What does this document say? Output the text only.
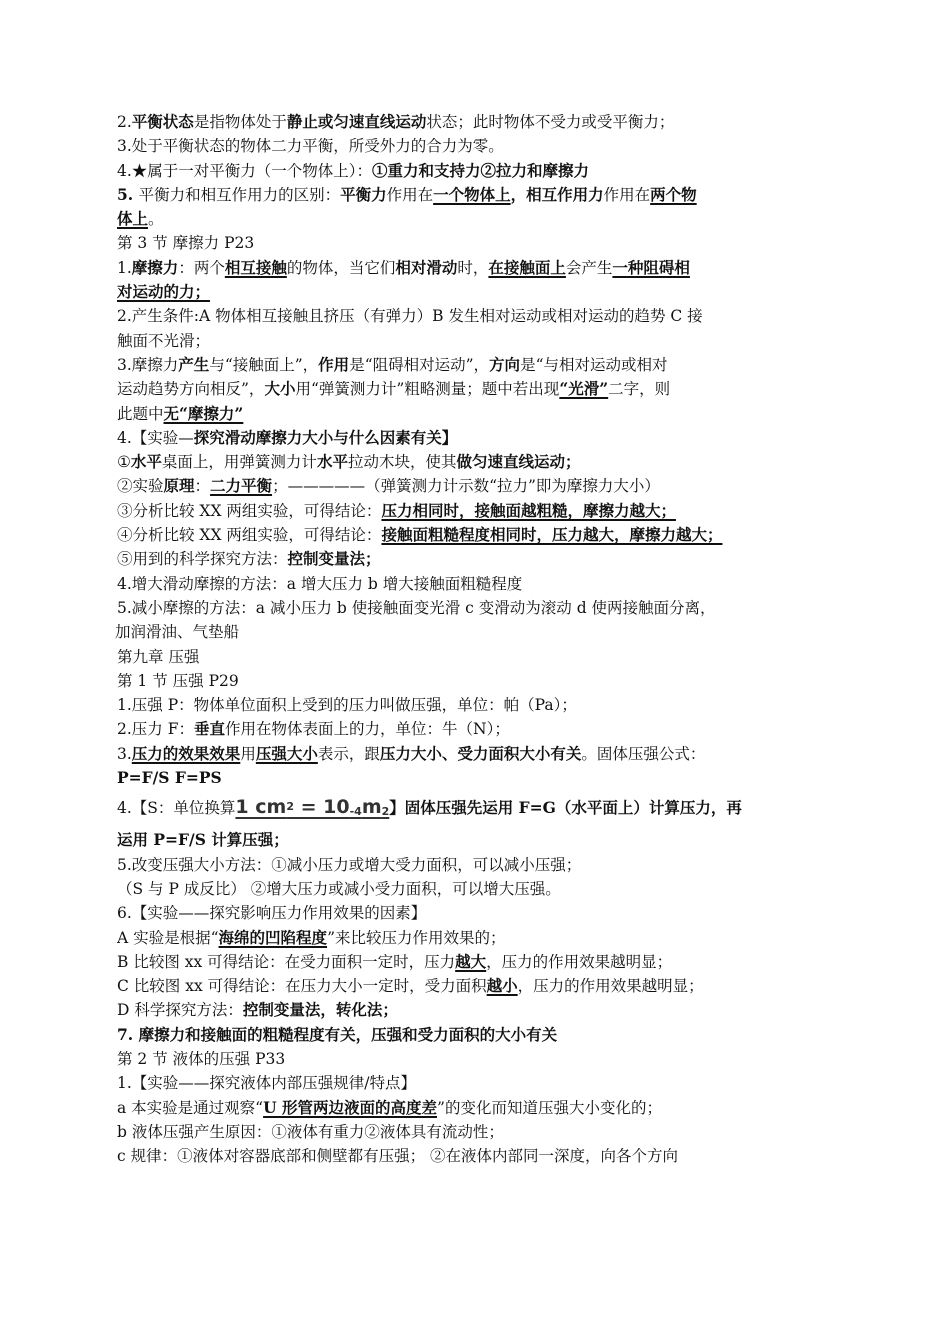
2.平衡状态是指物体处于静止或匀速直线运动状态；此时物体不受力或受平衡力；
3.处于平衡状态的物体二力平衡，所受外力的合力为零。
4.★属于一对平衡力（一个物体上）：①重力和支持力②拉力和摩擦力
5. 平衡力和相互作用力的区别：平衡力作用在一个物体上，相互作用力作用在两个物
体上。
第 3 节 摩擦力 P23
1.摩擦力：两个相互接触的物体，当它们相对滑动时，在接触面上会产生一种阻碍相
对运动的力；
2.产生条件:A 物体相互接触且挤压（有弹力）B 发生相对运动或相对运动的趋势 C 接
触面不光滑；
3.摩擦力产生与“接触面上”，作用是“阻碍相对运动”，方向是“与相对运动或相对
运动趋势方向相反”，大小用“弹簧测力计”粗略测量；题中若出现“光滑”二字，则
此题中无“摩擦力”
4.【实验—探究滑动摩擦力大小与什么因素有关】
①水平桌面上，用弹簧测力计水平拉动木块，使其做匀速直线运动；
②实验原理：二力平衡；—————（弹簧测力计示数“拉力”即为摩擦力大小）
③分析比较 XX 两组实验，可得结论：压力相同时，接触面越粗糙，摩擦力越大；
④分析比较 XX 两组实验，可得结论：接触面粗糙程度相同时，压力越大，摩擦力越大；
⑤用到的科学探究方法：控制变量法；
4.增大滑动摩擦的方法：a 增大压力 b 增大接触面粗糙程度
5.减小摩擦的方法：a 减小压力 b 使接触面变光滑 c 变滑动为滚动 d 使两接触面分离，
加润滑油、气垫船
第九章 压强
第 1 节 压强 P29
1.压强 P：物体单位面积上受到的压力叫做压强，单位：帕（Pa）；
2.压力 F：垂直作用在物体表面上的力，单位：牛（N）；
3.压力的效果效果用压强大小表示，跟压力大小、受力面积大小有关。固体压强公式：
P=F/S F=PS
4.【S：单位换算1 $cm^2 = 10_{-4}m_2$】固体压强先运用 F=G（水平面上）计算压力，再
运用 P=F/S 计算压强；
5.改变压强大小方法：①减小压力或增大受力面积，可以减小压强；
（S 与 P 成反比） ②增大压力或减小受力面积，可以增大压强。
6.【实验——探究影响压力作用效果的因素】
A 实验是根据“海绵的凹陷程度”来比较压力作用效果的；
B 比较图 xx 可得结论：在受力面积一定时，压力越大，压力的作用效果越明显；
C 比较图 xx 可得结论：在压力大小一定时，受力面积越小，压力的作用效果越明显；
D 科学探究方法：控制变量法，转化法；
7. 摩擦力和接触面的粗糙程度有关，压强和受力面积的大小有关
第 2 节 液体的压强 P33
1.【实验——探究液体内部压强规律/特点】
a 本实验是通过观察“U 形管两边液面的高度差”的变化而知道压强大小变化的；
b 液体压强产生原因：①液体有重力②液体具有流动性；
c 规律：①液体对容器底部和侧壁都有压强； ②在液体内部同一深度，向各个方向
